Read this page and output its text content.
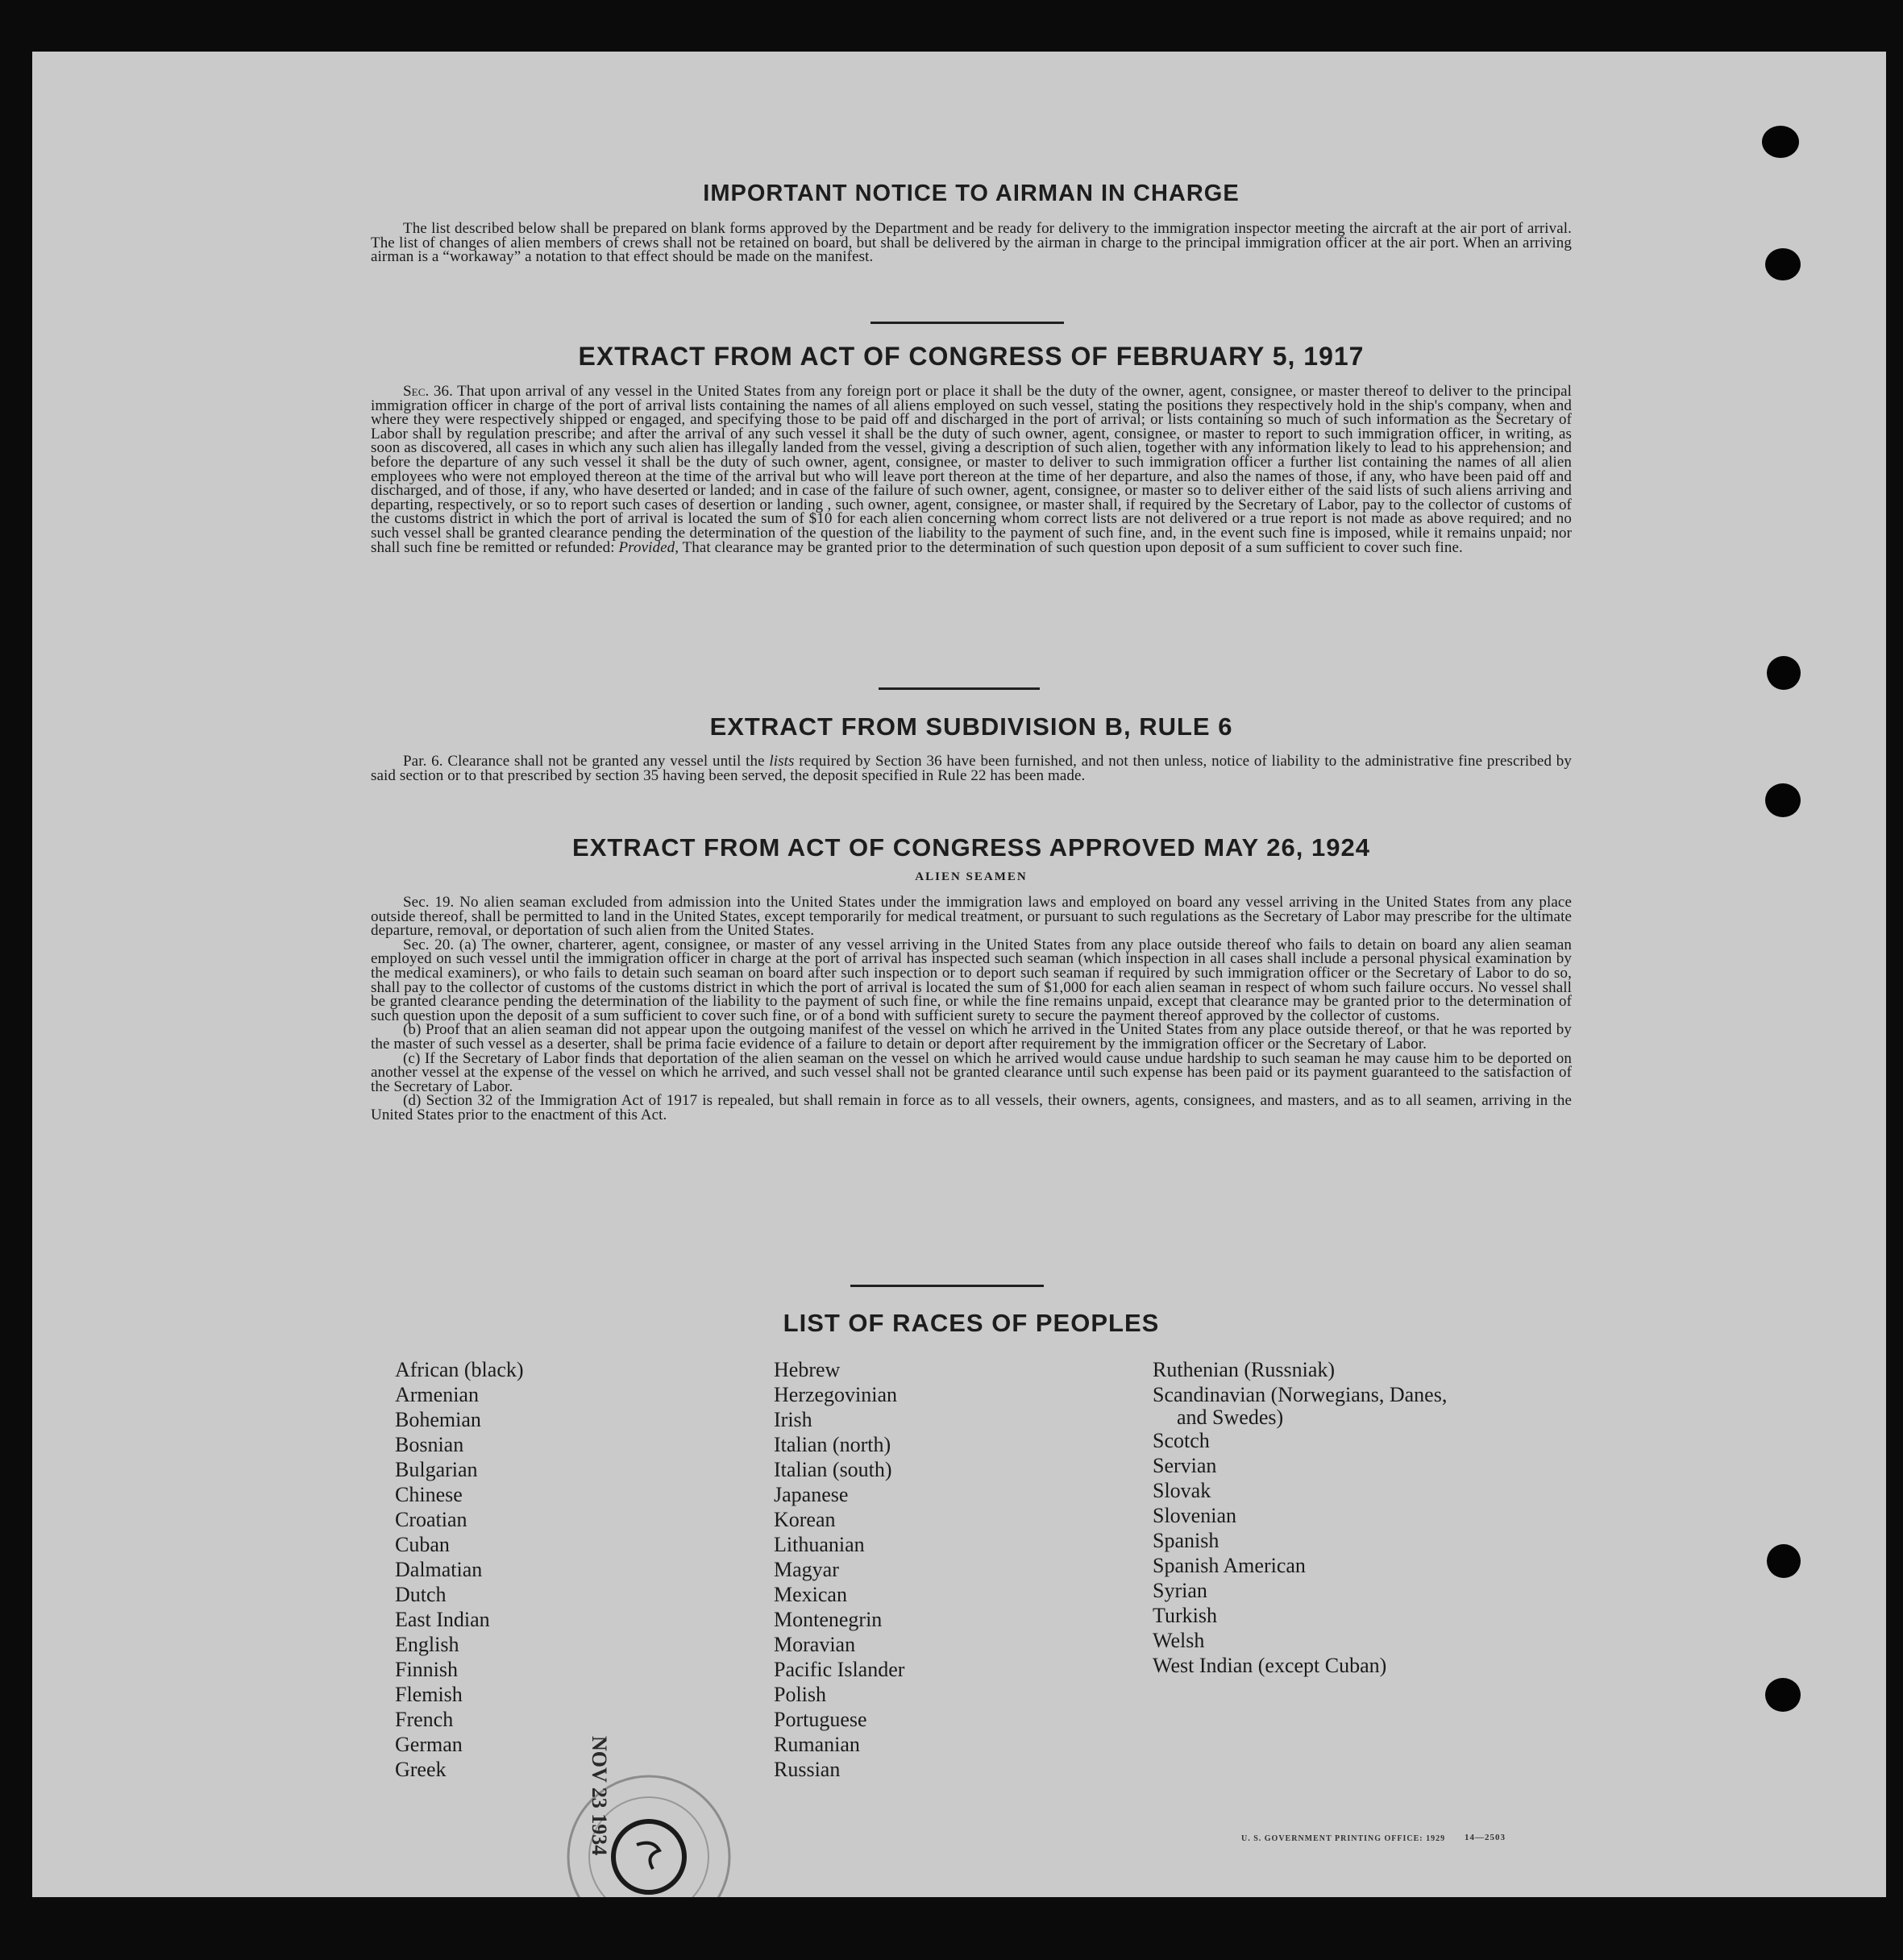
IMPORTANT NOTICE TO AIRMAN IN CHARGE

The list described below shall be prepared on blank forms approved by the Department and be ready for delivery to the immigration inspector meeting the aircraft at the air port of arrival. The list of changes of alien members of crews shall not be retained on board, but shall be delivered by the airman in charge to the principal immigration officer at the air port. When an arriving airman is a “workaway” a notation to that effect should be made on the manifest.

EXTRACT FROM ACT OF CONGRESS OF FEBRUARY 5, 1917

Sec. 36. That upon arrival of any vessel in the United States from any foreign port or place it shall be the duty of the owner, agent, consignee, or master thereof to deliver to the principal immigration officer in charge of the port of arrival lists containing the names of all aliens employed on such vessel, stating the positions they respectively hold in the ship's company, when and where they were respectively shipped or engaged, and specifying those to be paid off and discharged in the port of arrival; or lists containing so much of such information as the Secretary of Labor shall by regulation prescribe; and after the arrival of any such vessel it shall be the duty of such owner, agent, consignee, or master to report to such immigration officer, in writing, as soon as discovered, all cases in which any such alien has illegally landed from the vessel, giving a description of such alien, together with any information likely to lead to his apprehension; and before the departure of any such vessel it shall be the duty of such owner, agent, consignee, or master to deliver to such immigration officer a further list containing the names of all alien employees who were not employed thereon at the time of the arrival but who will leave port thereon at the time of her departure, and also the names of those, if any, who have been paid off and discharged, and of those, if any, who have deserted or landed; and in case of the failure of such owner, agent, consignee, or master so to deliver either of the said lists of such aliens arriving and departing, respectively, or so to report such cases of desertion or landing , such owner, agent, consignee, or master shall, if required by the Secretary of Labor, pay to the collector of customs of the customs district in which the port of arrival is located the sum of $10 for each alien concerning whom correct lists are not delivered or a true report is not made as above required; and no such vessel shall be granted clearance pending the determination of the question of the liability to the payment of such fine, and, in the event such fine is imposed, while it remains unpaid; nor shall such fine be remitted or refunded: Provided, That clearance may be granted prior to the determination of such question upon deposit of a sum sufficient to cover such fine.

EXTRACT FROM SUBDIVISION B, RULE 6

Par. 6. Clearance shall not be granted any vessel until the lists required by Section 36 have been furnished, and not then unless, notice of liability to the administrative fine prescribed by said section or to that prescribed by section 35 having been served, the deposit specified in Rule 22 has been made.

EXTRACT FROM ACT OF CONGRESS APPROVED MAY 26, 1924
ALIEN SEAMEN

Sec. 19. No alien seaman excluded from admission into the United States under the immigration laws and employed on board any vessel arriving in the United States from any place outside thereof, shall be permitted to land in the United States, except temporarily for medical treatment, or pursuant to such regulations as the Secretary of Labor may prescribe for the ultimate departure, removal, or deportation of such alien from the United States.

Sec. 20. (a) The owner, charterer, agent, consignee, or master of any vessel arriving in the United States from any place outside thereof who fails to detain on board any alien seaman employed on such vessel until the immigration officer in charge at the port of arrival has inspected such seaman (which inspection in all cases shall include a personal physical examination by the medical examiners), or who fails to detain such seaman on board after such inspection or to deport such seaman if required by such immigration officer or the Secretary of Labor to do so, shall pay to the collector of customs of the customs district in which the port of arrival is located the sum of $1,000 for each alien seaman in respect of whom such failure occurs. No vessel shall be granted clearance pending the determination of the liability to the payment of such fine, or while the fine remains unpaid, except that clearance may be granted prior to the determination of such question upon the deposit of a sum sufficient to cover such fine, or of a bond with sufficient surety to secure the payment thereof approved by the collector of customs.

(b) Proof that an alien seaman did not appear upon the outgoing manifest of the vessel on which he arrived in the United States from any place outside thereof, or that he was reported by the master of such vessel as a deserter, shall be prima facie evidence of a failure to detain or deport after requirement by the immigration officer or the Secretary of Labor.

(c) If the Secretary of Labor finds that deportation of the alien seaman on the vessel on which he arrived would cause undue hardship to such seaman he may cause him to be deported on another vessel at the expense of the vessel on which he arrived, and such vessel shall not be granted clearance until such expense has been paid or its payment guaranteed to the satisfaction of the Secretary of Labor.

(d) Section 32 of the Immigration Act of 1917 is repealed, but shall remain in force as to all vessels, their owners, agents, consignees, and masters, and as to all seamen, arriving in the United States prior to the enactment of this Act.

LIST OF RACES OF PEOPLES
African (black)
Armenian
Bohemian
Bosnian
Bulgarian
Chinese
Croatian
Cuban
Dalmatian
Dutch
East Indian
English
Finnish
Flemish
French
German
Greek
Hebrew
Herzegovinian
Irish
Italian (north)
Italian (south)
Japanese
Korean
Lithuanian
Magyar
Mexican
Montenegrin
Moravian
Pacific Islander
Polish
Portuguese
Rumanian
Russian
Ruthenian (Russniak)
Scandinavian (Norwegians, Danes,
and Swedes)
Scotch
Servian
Slovak
Slovenian
Spanish
Spanish American
Syrian
Turkish
Welsh
West Indian (except Cuban)
NOV 23 1934	U. S. GOVERNMENT PRINTING OFFICE: 1929 14—2503
